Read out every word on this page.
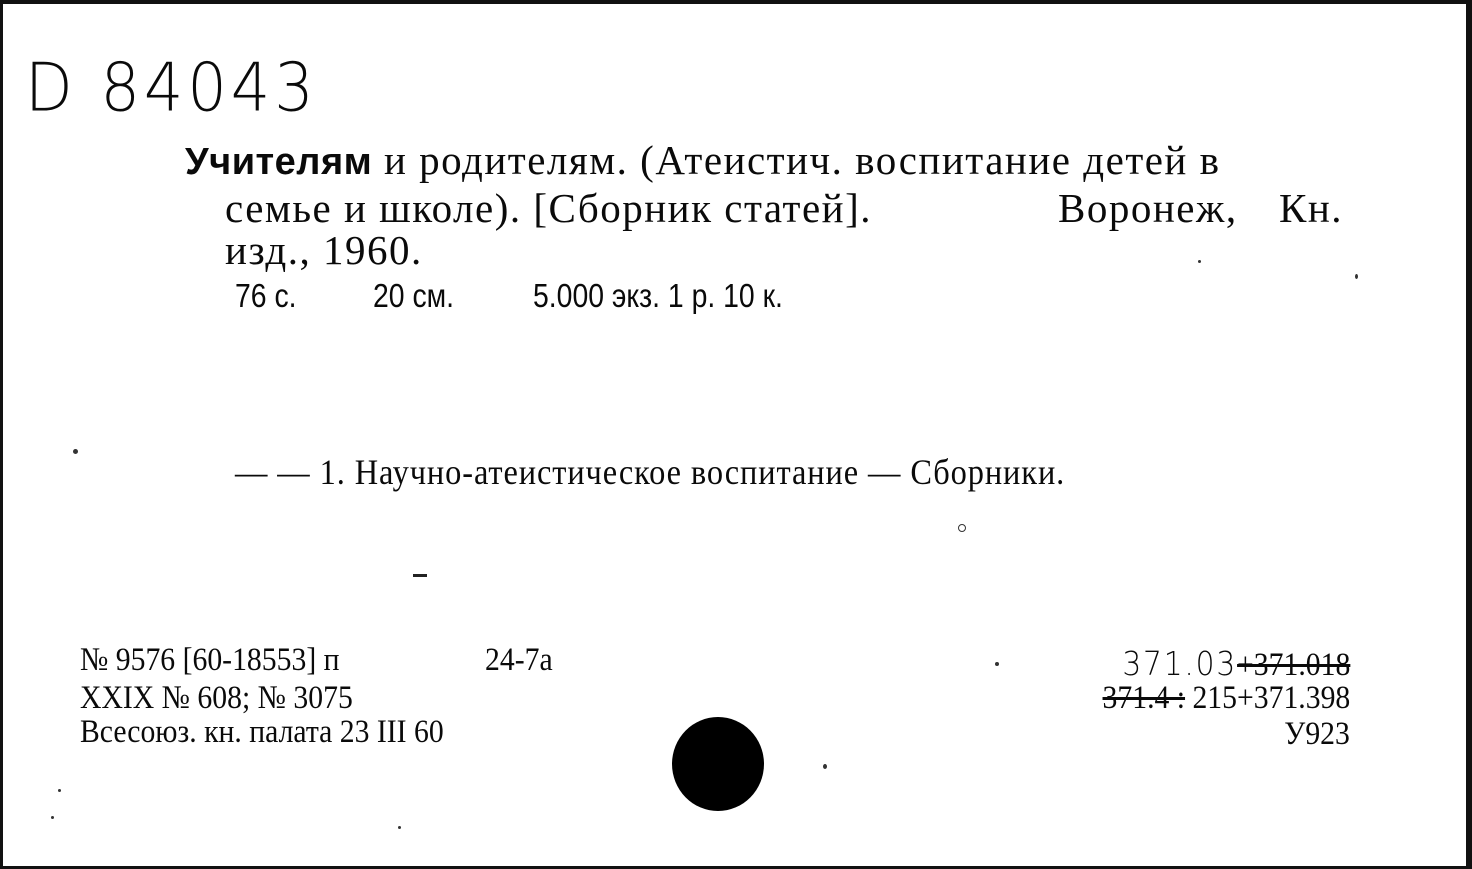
D 84043
Учителям и родителям. (Атеистич. воспитание детей в
семье и школе). [Сборник статей].	Воронеж, Кн.
изд., 1960.
76 с. 20 см. 5.000 экз. 1 р. 10 к.
— — 1. Научно-атеистическое воспитание — Сборники.
№ 9576 [60-18553] п	24-7а
XXIX № 608; № 3075
Всесоюз. кн. палата 23 III 60
371.03+371.018
371.4 : 215+371.398
У923
